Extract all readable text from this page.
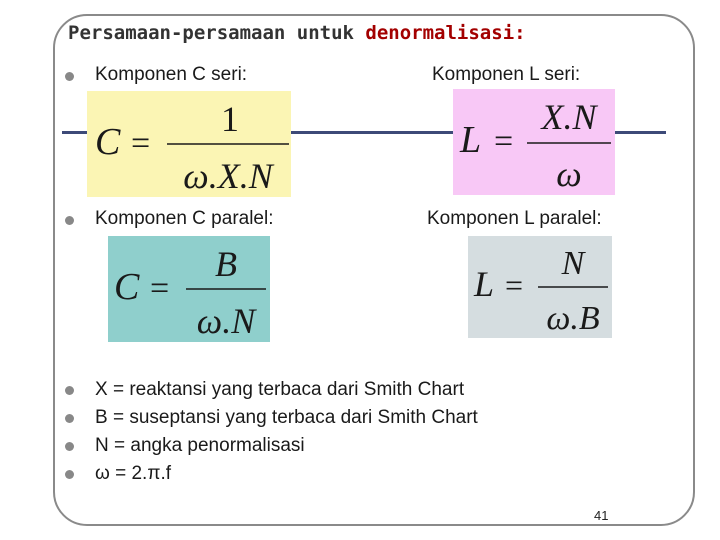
Persamaan-persamaan untuk denormalisasi:
Komponen C seri:	Komponen L seri:
C =
1
ω.X.N
L =
X.N
ω
Komponen C paralel:	Komponen L paralel:
C =
B
ω.N
L =
N
ω.B
X = reaktansi yang terbaca dari Smith Chart
B = suseptansi yang terbaca dari Smith Chart
N = angka penormalisasi
ω = 2.π.f
41
